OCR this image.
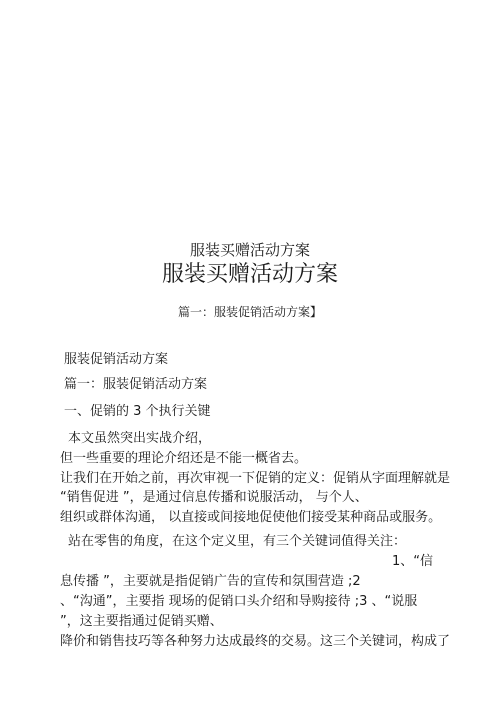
服装买赠活动方案
服装买赠活动方案
篇一：服装促销活动方案】
服装促销活动方案
篇一：服装促销活动方案
一、促销的 3 个执行关键
本文虽然突出实战介绍，
但一些重要的理论介绍还是不能一概省去。
让我们在开始之前，再次审视一下促销的定义：促销从字面理解就是
“销售促进 ”，是通过信息传播和说服活动， 与个人、
组织或群体沟通， 以直接或间接地促使他们接受某种商品或服务。
站在零售的角度，在这个定义里，有三个关键词值得关注：
1、“信
息传播 ”，主要就是指促销广告的宣传和氛围营造 ;2
、“沟通”，主要指 现场的促销口头介绍和导购接待 ;3 、“说服
”，这主要指通过促销买赠、
降价和销售技巧等各种努力达成最终的交易。这三个关键词，构成了
